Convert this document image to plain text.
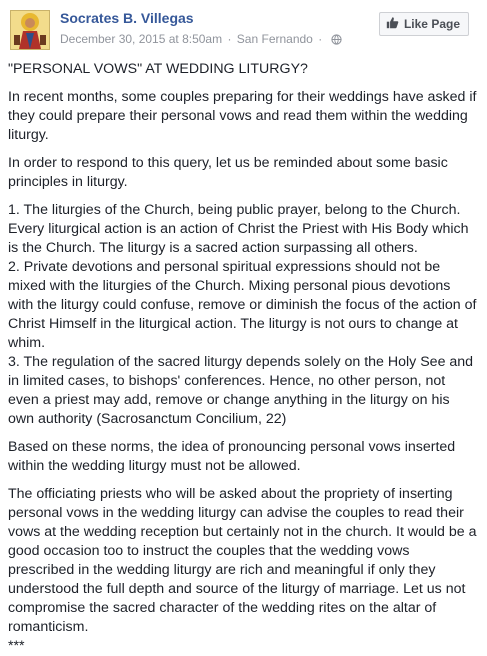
Socrates B. Villegas
December 30, 2015 at 8:50am · San Fernando ·
Like Page

"PERSONAL VOWS" AT WEDDING LITURGY?

In recent months, some couples preparing for their weddings have asked if they could prepare their personal vows and read them within the wedding liturgy.

In order to respond to this query, let us be reminded about some basic principles in liturgy.

1. The liturgies of the Church, being public prayer, belong to the Church. Every liturgical action is an action of Christ the Priest with His Body which is the Church. The liturgy is a sacred action surpassing all others.
2. Private devotions and personal spiritual expressions should not be mixed with the liturgies of the Church. Mixing personal pious devotions with the liturgy could confuse, remove or diminish the focus of the action of Christ Himself in the liturgical action. The liturgy is not ours to change at whim.

3. The regulation of the sacred liturgy depends solely on the Holy See and in limited cases, to bishops' conferences. Hence, no other person, not even a priest may add, remove or change anything in the liturgy on his own authority (Sacrosanctum Concilium, 22)

Based on these norms, the idea of pronouncing personal vows inserted within the wedding liturgy must not be allowed.

The officiating priests who will be asked about the propriety of inserting personal vows in the wedding liturgy can advise the couples to read their vows at the wedding reception but certainly not in the church. It would be a good occasion too to instruct the couples that the wedding vows prescribed in the wedding liturgy are rich and meaningful if only they understood the full depth and source of the liturgy of marriage. Let us not compromise the sacred character of the wedding rites on the altar of romanticism.

***
